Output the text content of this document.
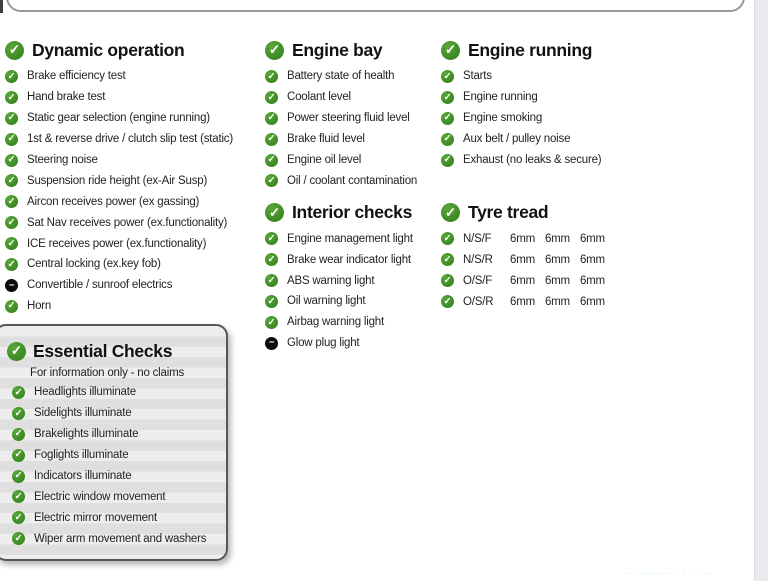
✓ Dynamic operation
✓ Brake efficiency test
✓ Hand brake test
✓ Static gear selection (engine running)
✓ 1st & reverse drive / clutch slip test (static)
✓ Steering noise
✓ Suspension ride height (ex-Air Susp)
✓ Aircon receives power (ex gassing)
✓ Sat Nav receives power (ex.functionality)
✓ ICE receives power (ex.functionality)
✓ Central locking (ex.key fob)
−	Convertible / sunroof electrics
✓ Horn
✓ Engine bay
✓ Battery state of health
✓ Coolant level
✓ Power steering fluid level
✓ Brake fluid level
✓ Engine oil level
✓ Oil / coolant contamination
✓ Interior checks
✓ Engine management light
✓ Brake wear indicator light
✓ ABS warning light
✓ Oil warning light
✓ Airbag warning light
−	Glow plug light
✓ Engine running
✓ Starts
✓ Engine running
✓ Engine smoking
✓ Aux belt / pulley noise
✓ Exhaust (no leaks & secure)
✓ Tyre tread
✓ N/S/F	6mm 6mm 6mm
✓ N/S/R	6mm 6mm 6mm
✓ O/S/F	6mm 6mm 6mm
✓ O/S/R	6mm 6mm 6mm
✓ Essential Checks
For information only - no claims
✓ Headlights illuminate
✓ Sidelights illuminate
✓ Brakelights illuminate
✓ Foglights illuminate
✓ Indicators illuminate
✓ Electric window movement
✓ Electric mirror movement
✓ Wiper arm movement and washers
··· ········· · ·· ··
